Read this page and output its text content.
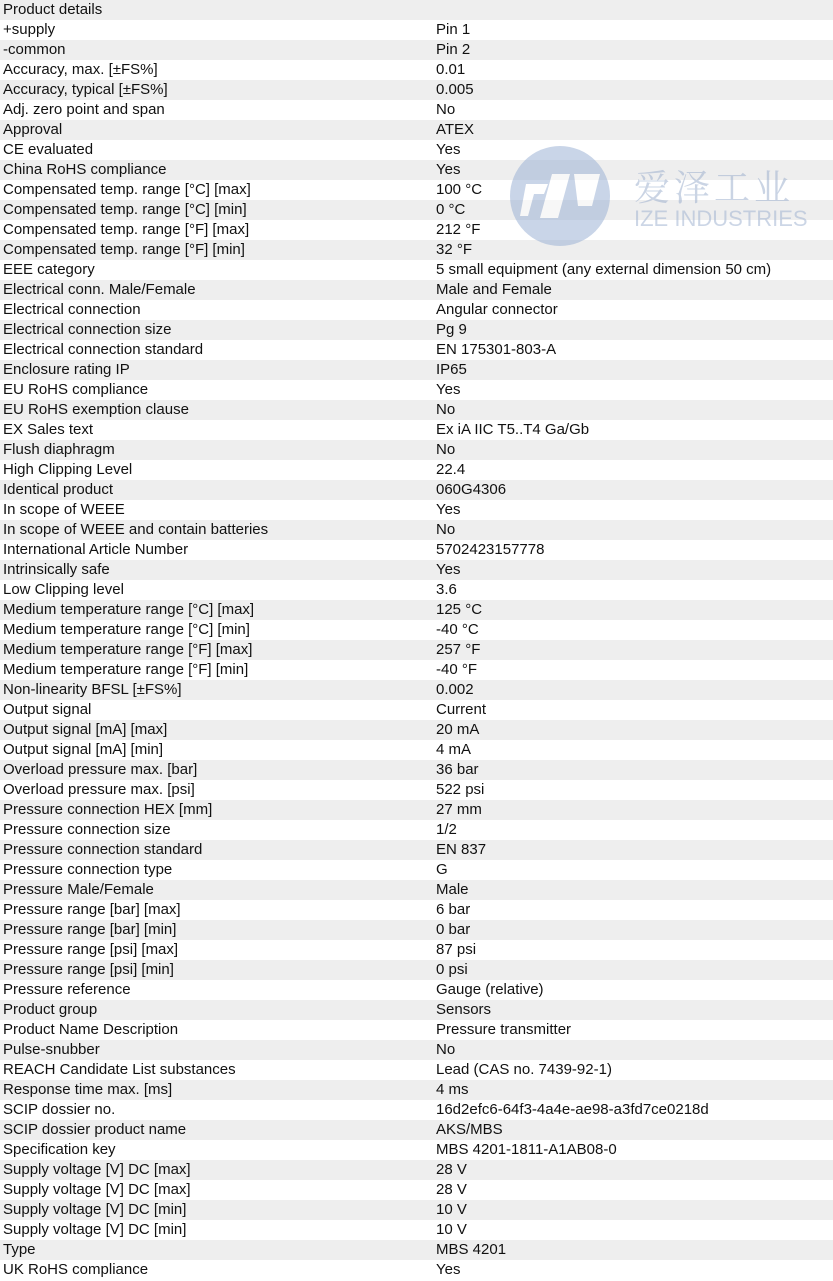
Product details
+supply	Pin 1
-common	Pin 2
Accuracy, max. [±FS%]	0.01
Accuracy, typical [±FS%]	0.005
Adj. zero point and span	No
Approval	ATEX
CE evaluated	Yes
China RoHS compliance	Yes
Compensated temp. range [°C] [max]	100 °C
Compensated temp. range [°C] [min]	0 °C
Compensated temp. range [°F] [max]	212 °F
Compensated temp. range [°F] [min]	32 °F
EEE category	5 small equipment (any external dimension 50 cm)
Electrical conn. Male/Female	Male and Female
Electrical connection	Angular connector
Electrical connection size	Pg 9
Electrical connection standard	EN 175301-803-A
Enclosure rating IP	IP65
EU RoHS compliance	Yes
EU RoHS exemption clause	No
EX Sales text	Ex iA IIC T5..T4 Ga/Gb
Flush diaphragm	No
High Clipping Level	22.4
Identical product	060G4306
In scope of WEEE	Yes
In scope of WEEE and contain batteries	No
International Article Number	5702423157778
Intrinsically safe	Yes
Low Clipping level	3.6
Medium temperature range [°C] [max]	125 °C
Medium temperature range [°C] [min]	-40 °C
Medium temperature range [°F] [max]	257 °F
Medium temperature range [°F] [min]	-40 °F
Non-linearity BFSL [±FS%]	0.002
Output signal	Current
Output signal [mA] [max]	20 mA
Output signal [mA] [min]	4 mA
Overload pressure max. [bar]	36 bar
Overload pressure max. [psi]	522 psi
Pressure connection HEX [mm]	27 mm
Pressure connection size	1/2
Pressure connection standard	EN 837
Pressure connection type	G
Pressure Male/Female	Male
Pressure range [bar] [max]	6 bar
Pressure range [bar] [min]	0 bar
Pressure range [psi] [max]	87 psi
Pressure range [psi] [min]	0 psi
Pressure reference	Gauge (relative)
Product group	Sensors
Product Name Description	Pressure transmitter
Pulse-snubber	No
REACH Candidate List substances	Lead (CAS no. 7439-92-1)
Response time max. [ms]	4 ms
SCIP dossier no.	16d2efc6-64f3-4a4e-ae98-a3fd7ce0218d
SCIP dossier product name	AKS/MBS
Specification key	MBS 4201-1811-A1AB08-0
Supply voltage [V] DC [max]	28 V
Supply voltage [V] DC [max]	28 V
Supply voltage [V] DC [min]	10 V
Supply voltage [V] DC [min]	10 V
Type	MBS 4201
UK RoHS compliance	Yes
爱泽工业
IZE INDUSTRIES
